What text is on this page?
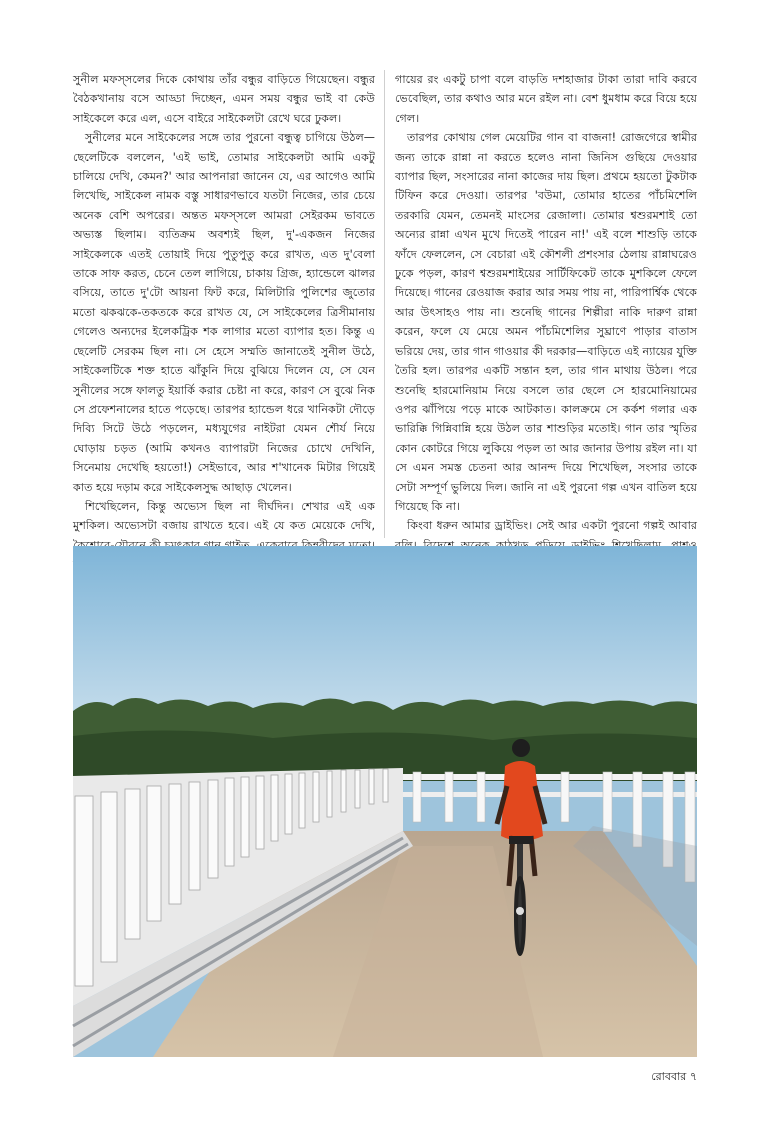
সুনীল মফস্সলের দিকে কোথায় তাঁর বন্ধুর বাড়িতে গিয়েছেন। বন্ধুর বৈঠকখানায় বসে আড্ডা দিচ্ছেন, এমন সময় বন্ধুর ভাই বা কেউ সাইকেলে করে এল, এসে বাইরে সাইকেলটা রেখে ঘরে ঢুকল।

সুনীলের মনে সাইকেলের সঙ্গে তার পুরনো বন্ধুত্ব চাগিয়ে উঠল—ছেলেটিকে বললেন, 'এই ভাই, তোমার সাইকেলটা আমি একটু চালিয়ে দেখি, কেমন?' আর আপনারা জানেন যে, এর আগেও আমি লিখেছি, সাইকেল নামক বস্তু সাধারণভাবে যতটা নিজের, তার চেয়ে অনেক বেশি অপরের। অন্তত মফস্সলে আমরা সেইরকম ভাবতে অভ্যস্ত ছিলাম। ব্যতিক্রম অবশ্যই ছিল, দু'-একজন নিজের সাইকেলকে এতই তোয়াই দিয়ে পুতুপুতু করে রাখত, এত দু'বেলা তাকে সাফ করত, চেনে তেল লাগিয়ে, চাকায় গ্রিজ, হ্যান্ডেলে ঝালর বসিয়ে, তাতে দু'টো আয়না ফিট করে, মিলিটারি পুলিশের জুতোর মতো ঝকঝকে-তকতকে করে রাখত যে, সে সাইকেলের ত্রিসীমানায় গেলেও অন্যদের ইলেকট্রিক শক লাগার মতো ব্যাপার হত। কিন্তু এ ছেলেটি সেরকম ছিল না। সে হেসে সম্মতি জানাতেই সুনীল উঠে, সাইকেলটিকে শক্ত হাতে ঝাঁকুনি দিয়ে বুঝিয়ে দিলেন যে, সে যেন সুনীলের সঙ্গে ফালতু ইয়ার্কি করার চেষ্টা না করে, কারণ সে বুঝে নিক সে প্রফেশনালের হাতে পড়েছে। তারপর হ্যান্ডেল ধরে খানিকটা দৌড়ে দিব্যি সিটে উঠে পড়লেন, মধ্যযুগের নাইটরা যেমন শৌর্য নিয়ে ঘোড়ায় চড়ত (আমি কখনও ব্যাপারটা নিজের চোখে দেখিনি, সিনেমায় দেখেছি হয়তো!) সেইভাবে, আর শ'খানেক মিটার গিয়েই কাত হয়ে দড়াম করে সাইকেলসুদ্ধ আছাড় খেলেন।

শিখেছিলেন, কিন্তু অভ্যেস ছিল না দীর্ঘদিন। শেখার এই এক মুশকিল। অভ্যেসটা বজায় রাখতে হবে। এই যে কত মেয়েকে দেখি,

গায়ের রং একটু চাপা বলে বাড়তি দশহাজার টাকা তারা দাবি করবে ভেবেছিল, তার কথাও আর মনে রইল না। বেশ ধুমধাম করে বিয়ে হয়ে গেল।

তারপর কোথায় গেল মেয়েটির গান বা বাজনা! রোজগেরে স্বামীর জন্য তাকে রান্না না করতে হলেও নানা জিনিস গুছিয়ে দেওয়ার ব্যাপার ছিল, সংসারের নানা কাজের দায় ছিল। প্রথমে হয়তো টুকটাক টিফিন করে দেওয়া। তারপর 'বউমা, তোমার হাতের পাঁচমিশেলি তরকারি যেমন, তেমনই মাংসের রেজালা। তোমার শ্বশুরমশাই তো অন্যের রান্না এখন মুখে দিতেই পারেন না!' এই বলে শাশুড়ি তাকে ফাঁদে ফেললেন, সে বেচারা এই কৌশলী প্রশংসার ঠেলায় রান্নাঘরেও ঢুকে পড়ল, কারণ শ্বশুরমশাইয়ের সার্টিফিকেট তাকে মুশকিলে ফেলে দিয়েছে। গানের রেওয়াজ করার আর সময় পায় না, পারিপার্শ্বিক থেকে আর উৎসাহও পায় না। শুনেছি গানের শিল্পীরা নাকি দারুণ রান্না করেন, ফলে যে মেয়ে অমন পাঁচমিশেলির সুঘ্রাণে পাড়ার বাতাস ভরিয়ে দেয়, তার গান গাওয়ার কী দরকার—বাড়িতে এই ন্যায়ের যুক্তি তৈরি হল। তারপর একটি সন্তান হল, তার গান মাথায় উঠল। পরে শুনেছি হারমোনিয়াম নিয়ে বসলে তার ছেলে সে হারমোনিয়ামের ওপর ঝাঁপিয়ে পড়ে মাকে আটকাত। কালক্রমে সে কর্কশ গলার এক ভারিক্কি গিন্নিবান্নি হয়ে উঠল তার শাশুড়ির মতোই। গান তার স্মৃতির কোন কোটরে গিয়ে লুকিয়ে পড়ল তা আর জানার উপায় রইল না। যা সে এমন সমস্ত চেতনা আর আনন্দ দিয়ে শিখেছিল, সংসার তাকে সেটা সম্পূর্ণ ভুলিয়ে দিল। জানি না এই পুরনো গল্প এখন বাতিল হয়ে গিয়েছে কি না।

কিংবা ধরুন আমার ড্রাইভিং। সেই আর একটা পুরনো গল্পই আবার

রোববার ৭
